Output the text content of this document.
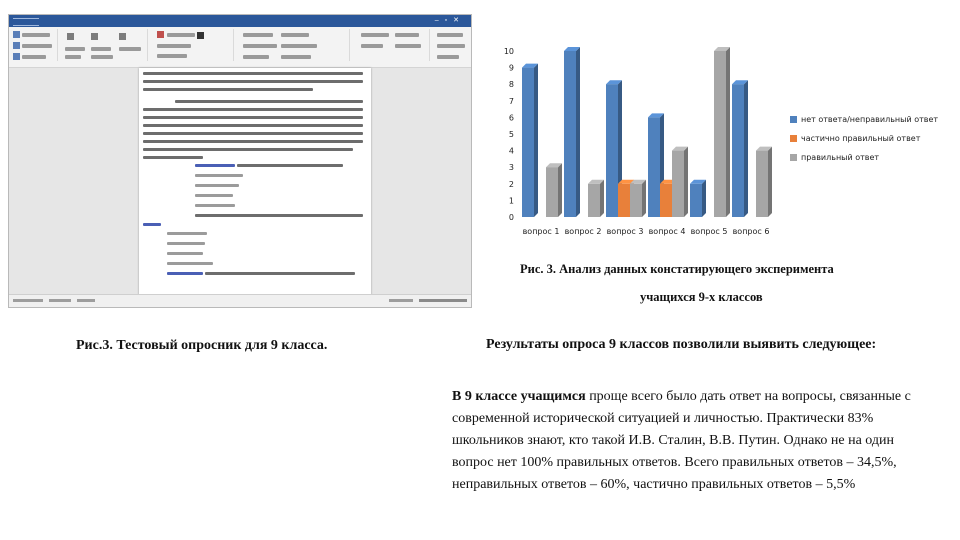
–▫✕
0
1
2
3
4
5
6
7
8
9
10
вопрос 1 вопрос 2 вопрос 3 вопрос 4 вопрос 5 вопрос 6
нет ответа/неправильный ответ
частично правильный ответ
правильный ответ
Рис. 3. Анализ данных констатирующего эксперимента
учащихся 9-х классов
Рис.3. Тестовый опросник для 9 класса.	Результаты опроса 9 классов позволили выявить следующее:
В 9 классе учащимся проще всего было дать ответ на вопросы, связанные с современной исторической ситуацией и личностью. Практически 83% школьников знают, кто такой И.В. Сталин, В.В. Путин. Однако не на один вопрос нет 100% правильных ответов. Всего правильных ответов – 34,5%, неправильных ответов – 60%, частично правильных ответов – 5,5%
